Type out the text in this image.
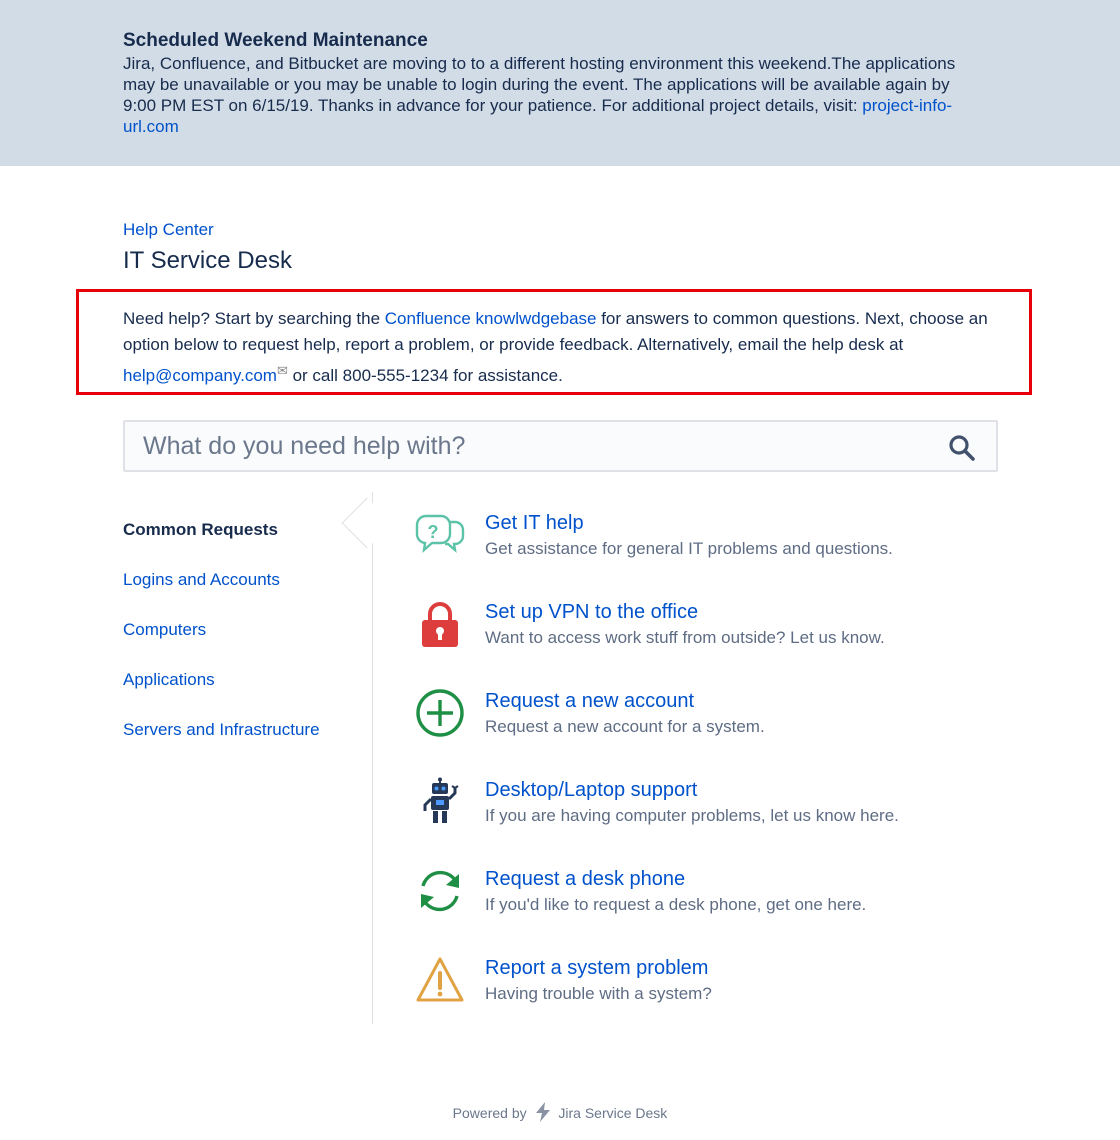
Scheduled Weekend Maintenance
Jira, Confluence, and Bitbucket are moving to to a different hosting environment this weekend.The applications may be unavailable or you may be unable to login during the event. The applications will be available again by 9:00 PM EST on 6/15/19. Thanks in advance for your patience. For additional project details, visit: project-info-url.com
Help Center
IT Service Desk
Need help? Start by searching the Confluence knowlwdgebase for answers to common questions. Next, choose an option below to request help, report a problem, or provide feedback. Alternatively, email the help desk at help@company.com✉ or call 800-555-1234 for assistance.
What do you need help with?
Common Requests
Logins and Accounts
Computers
Applications
Servers and Infrastructure
? Get IT help
Get assistance for general IT problems and questions.
Set up VPN to the office
Want to access work stuff from outside? Let us know.
Request a new account
Request a new account for a system.
Desktop/Laptop support
If you are having computer problems, let us know here.
Request a desk phone
If you'd like to request a desk phone, get one here.
Report a system problem
Having trouble with a system?
Powered by Jira Service Desk
